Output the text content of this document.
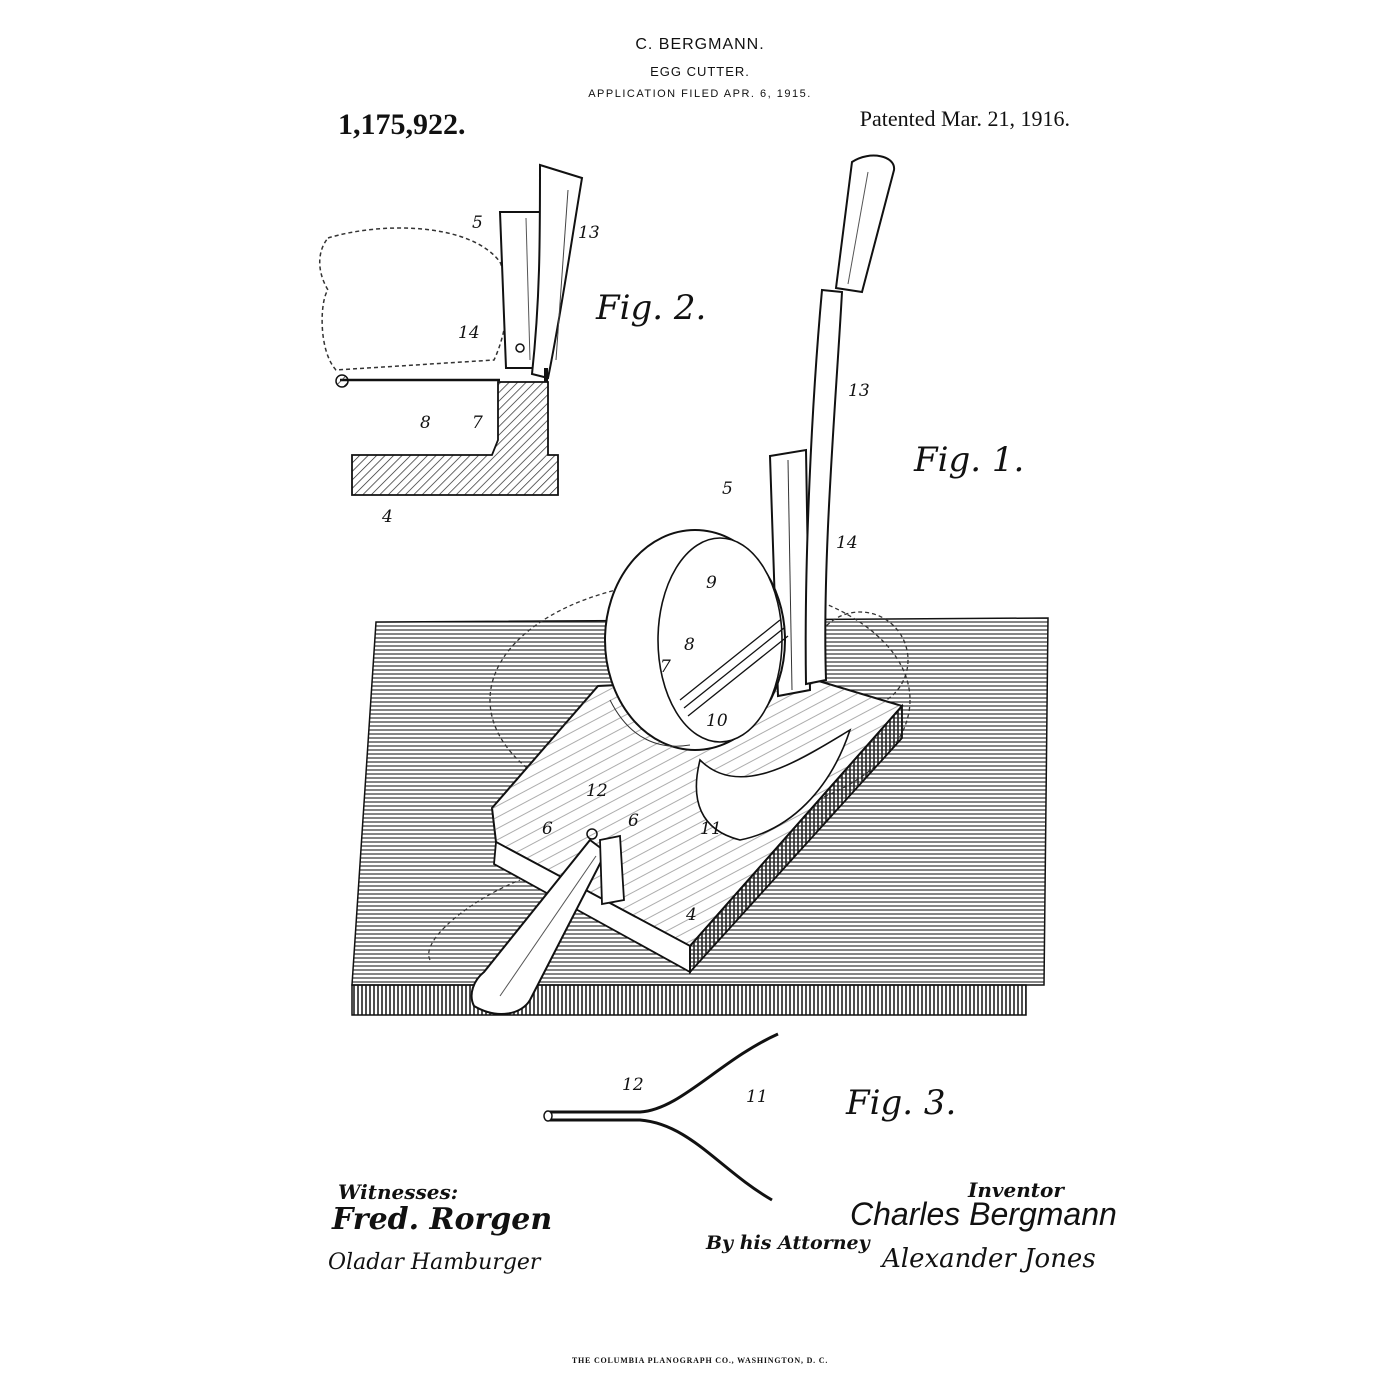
C. BERGMANN.
EGG CUTTER.
APPLICATION FILED APR. 6, 1915.
1,175,922.	Patented Mar. 21, 1916.
5	13
14
8 7
4
5
13
14
9
8
7
10
12
6	6	11
4
12
11
Fig. 2.
Fig. 1.
Fig. 3.
Witnesses:
Fred. Rorgen
Oladar Hamburger
Inventor
Charles Bergmann
By his Attorney
Alexander Jones
THE COLUMBIA PLANOGRAPH CO., WASHINGTON, D. C.
